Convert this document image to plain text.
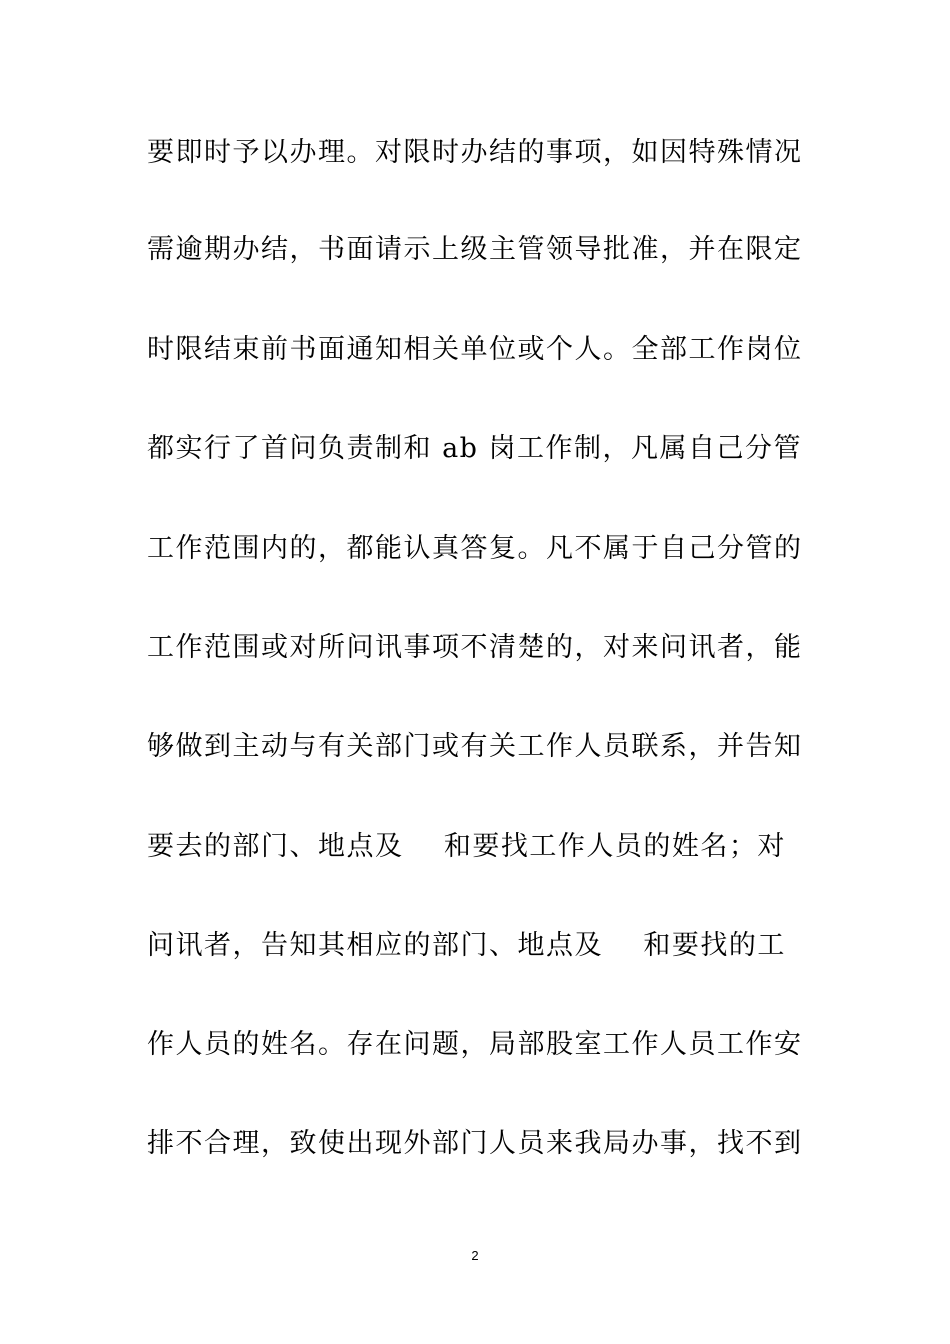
要即时予以办理。对限时办结的事项，如因特殊情况
需逾期办结，书面请示上级主管领导批准，并在限定
时限结束前书面通知相关单位或个人。全部工作岗位
都实行了首问负责制和 ab 岗工作制，凡属自己分管
工作范围内的，都能认真答复。凡不属于自己分管的
工作范围或对所问讯事项不清楚的，对来问讯者，能
够做到主动与有关部门或有关工作人员联系，并告知
要去的部门、地点及    和要找工作人员的姓名；对
问讯者，告知其相应的部门、地点及    和要找的工
作人员的姓名。存在问题，局部股室工作人员工作安
排不合理，致使出现外部门人员来我局办事，找不到
2
